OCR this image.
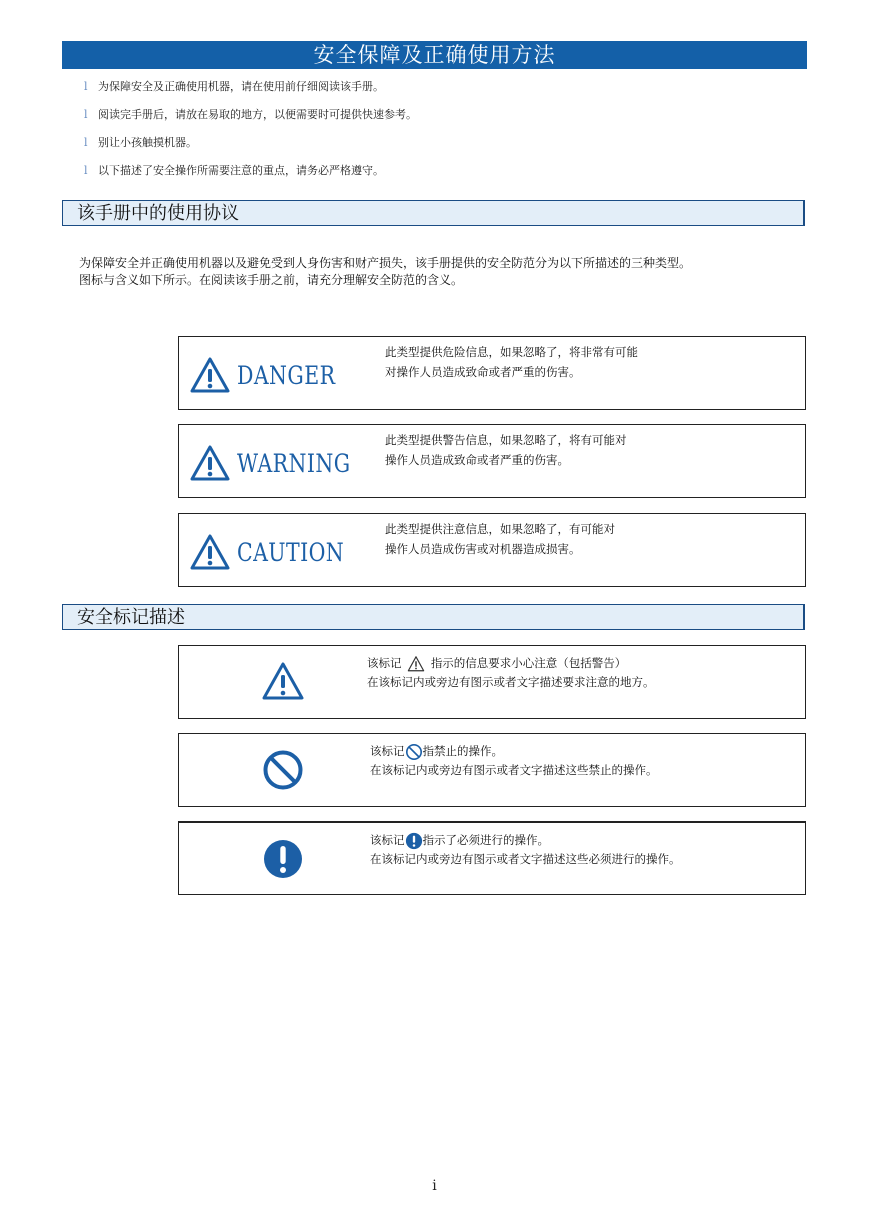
安全保障及正确使用方法
l 为保障安全及正确使用机器，请在使用前仔细阅读该手册。
l 阅读完手册后，请放在易取的地方，以便需要时可提供快速参考。
l 别让小孩触摸机器。
l 以下描述了安全操作所需要注意的重点，请务必严格遵守。
该手册中的使用协议
为保障安全并正确使用机器以及避免受到人身伤害和财产损失，该手册提供的安全防范分为以下所描述的三种类型。
图标与含义如下所示。在阅读该手册之前，请充分理解安全防范的含义。
DANGER
此类型提供危险信息，如果忽略了，将非常有可能
对操作人员造成致命或者严重的伤害。
WARNING
此类型提供警告信息，如果忽略了，将有可能对
操作人员造成致命或者严重的伤害。
CAUTION
此类型提供注意信息，如果忽略了，有可能对
操作人员造成伤害或对机器造成损害。
安全标记描述
该标记	指示的信息要求小心注意（包括警告）
在该标记内或旁边有图示或者文字描述要求注意的地方。
该标记 指禁止的操作。
在该标记内或旁边有图示或者文字描述这些禁止的操作。
该标记 指示了必须进行的操作。
在该标记内或旁边有图示或者文字描述这些必须进行的操作。
i
